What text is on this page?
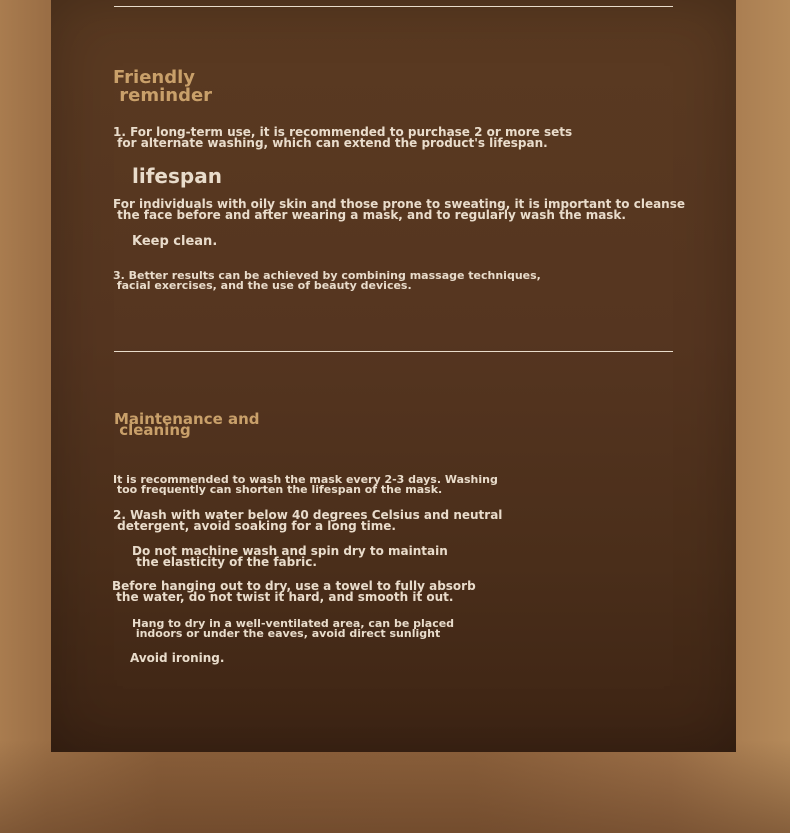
Friendly
reminder
1. For long-term use, it is recommended to purchase 2 or more sets
for alternate washing, which can extend the product's lifespan.
lifespan
For individuals with oily skin and those prone to sweating, it is important to cleanse
the face before and after wearing a mask, and to regularly wash the mask.
Keep clean.
3. Better results can be achieved by combining massage techniques,
facial exercises, and the use of beauty devices.
Maintenance and
cleaning
It is recommended to wash the mask every 2-3 days. Washing
too frequently can shorten the lifespan of the mask.
2. Wash with water below 40 degrees Celsius and neutral
detergent, avoid soaking for a long time.
Do not machine wash and spin dry to maintain
the elasticity of the fabric.
Before hanging out to dry, use a towel to fully absorb
the water, do not twist it hard, and smooth it out.
Hang to dry in a well-ventilated area, can be placed
indoors or under the eaves, avoid direct sunlight
Avoid ironing.
